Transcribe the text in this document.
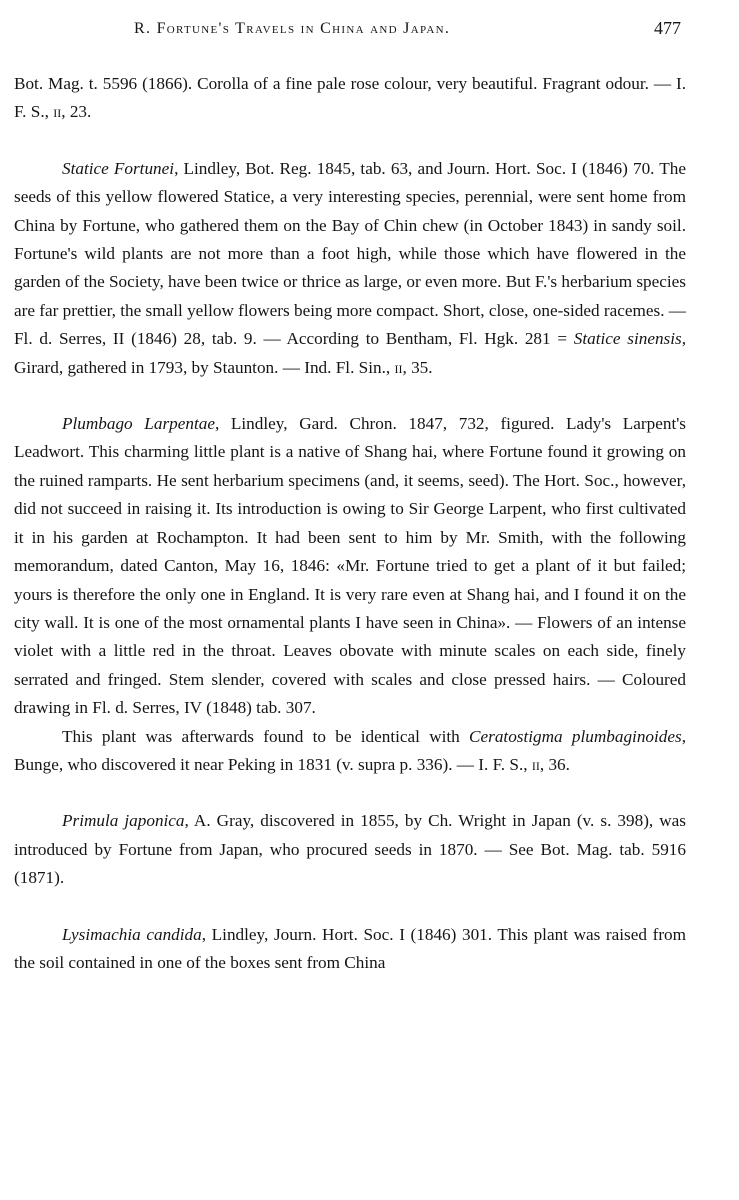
R. Fortune's Travels in China and Japan.	477

Bot. Mag. t. 5596 (1866). Corolla of a fine pale rose colour, very beautiful. Fragrant odour. — I. F. S., ii, 23.

Statice Fortunei, Lindley, Bot. Reg. 1845, tab. 63, and Journ. Hort. Soc. I (1846) 70. The seeds of this yellow flowered Statice, a very interesting species, perennial, were sent home from China by Fortune, who gathered them on the Bay of Chin chew (in October 1843) in sandy soil. Fortune's wild plants are not more than a foot high, while those which have flowered in the garden of the Society, have been twice or thrice as large, or even more. But F.'s herbarium species are far prettier, the small yellow flowers being more compact. Short, close, one-sided racemes. — Fl. d. Serres, II (1846) 28, tab. 9. — According to Bentham, Fl. Hgk. 281 = Statice sinensis, Girard, gathered in 1793, by Staunton. — Ind. Fl. Sin., ii, 35.

Plumbago Larpentae, Lindley, Gard. Chron. 1847, 732, figured. Lady's Larpent's Leadwort. This charming little plant is a native of Shang hai, where Fortune found it growing on the ruined ramparts. He sent herbarium specimens (and, it seems, seed). The Hort. Soc., however, did not succeed in raising it. Its introduction is owing to Sir George Larpent, who first cultivated it in his garden at Rochampton. It had been sent to him by Mr. Smith, with the following memorandum, dated Canton, May 16, 1846: «Mr. Fortune tried to get a plant of it but failed; yours is therefore the only one in England. It is very rare even at Shang hai, and I found it on the city wall. It is one of the most ornamental plants I have seen in China». — Flowers of an intense violet with a little red in the throat. Leaves obovate with minute scales on each side, finely serrated and fringed. Stem slender, covered with scales and close pressed hairs. — Coloured drawing in Fl. d. Serres, IV (1848) tab. 307.

This plant was afterwards found to be identical with Ceratostigma plumbaginoides, Bunge, who discovered it near Peking in 1831 (v. supra p. 336). — I. F. S., ii, 36.

Primula japonica, A. Gray, discovered in 1855, by Ch. Wright in Japan (v. s. 398), was introduced by Fortune from Japan, who procured seeds in 1870. — See Bot. Mag. tab. 5916 (1871).

Lysimachia candida, Lindley, Journ. Hort. Soc. I (1846) 301. This plant was raised from the soil contained in one of the boxes sent from China
